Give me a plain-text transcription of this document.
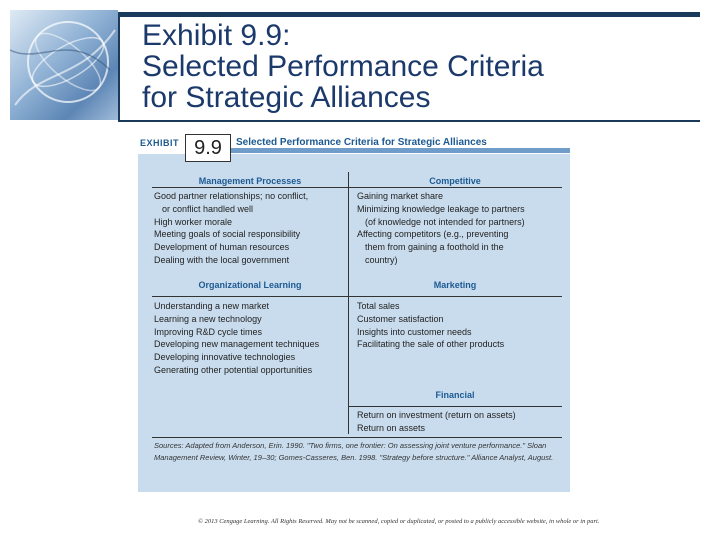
Exhibit 9.9:
Selected Performance Criteria
for Strategic Alliances
EXHIBIT 9.9	Selected Performance Criteria for Strategic Alliances
Management Processes
Good partner relationships; no conflict,
or conflict handled well
High worker morale
Meeting goals of social responsibility
Development of human resources
Dealing with the local government
Competitive
Gaining market share
Minimizing knowledge leakage to partners
(of knowledge not intended for partners)
Affecting competitors (e.g., preventing
them from gaining a foothold in the
country)
Organizational Learning
Understanding a new market
Learning a new technology
Improving R&D cycle times
Developing new management techniques
Developing innovative technologies
Generating other potential opportunities
Marketing
Total sales
Customer satisfaction
Insights into customer needs
Facilitating the sale of other products
Financial
Return on investment (return on assets)
Return on assets
Sources: Adapted from Anderson, Erin. 1990. "Two firms, one frontier: On assessing joint venture performance." Sloan Management Review, Winter, 19–30; Gomes-Casseres, Ben. 1998. "Strategy before structure." Alliance Analyst, August.
© 2013 Cengage Learning. All Rights Reserved. May not be scanned, copied or duplicated, or posted to a publicly accessible website, in whole or in part.
